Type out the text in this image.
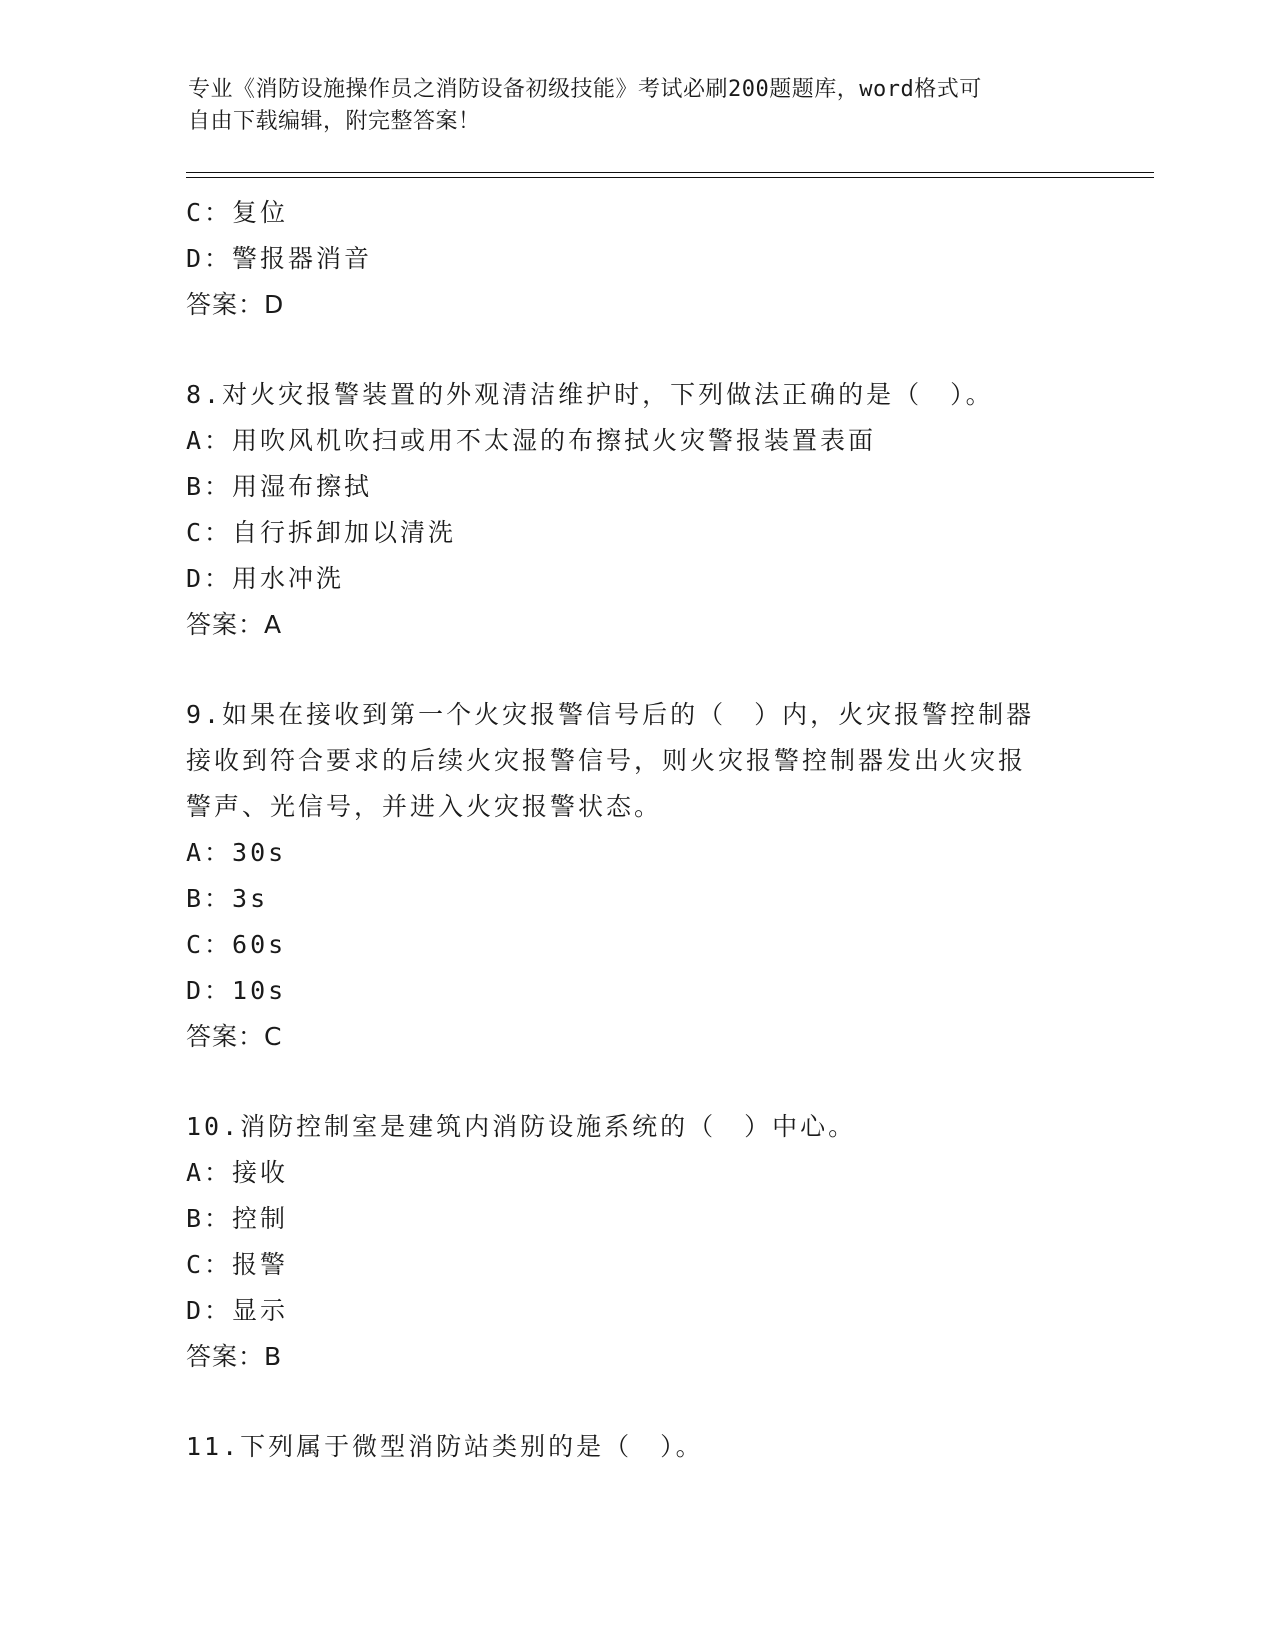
专业《消防设施操作员之消防设备初级技能》考试必刷200题题库，word格式可
自由下载编辑，附完整答案！
C：复位
D：警报器消音
答案：D
8.对火灾报警装置的外观清洁维护时，下列做法正确的是（　）。
A：用吹风机吹扫或用不太湿的布擦拭火灾警报装置表面
B：用湿布擦拭
C：自行拆卸加以清洗
D：用水冲洗
答案：A
9.如果在接收到第一个火灾报警信号后的（　）内，火灾报警控制器
接收到符合要求的后续火灾报警信号，则火灾报警控制器发出火灾报
警声、光信号，并进入火灾报警状态。
A：30s
B：3s
C：60s
D：10s
答案：C
10.消防控制室是建筑内消防设施系统的（　）中心。
A：接收
B：控制
C：报警
D：显示
答案：B
11.下列属于微型消防站类别的是（　）。
